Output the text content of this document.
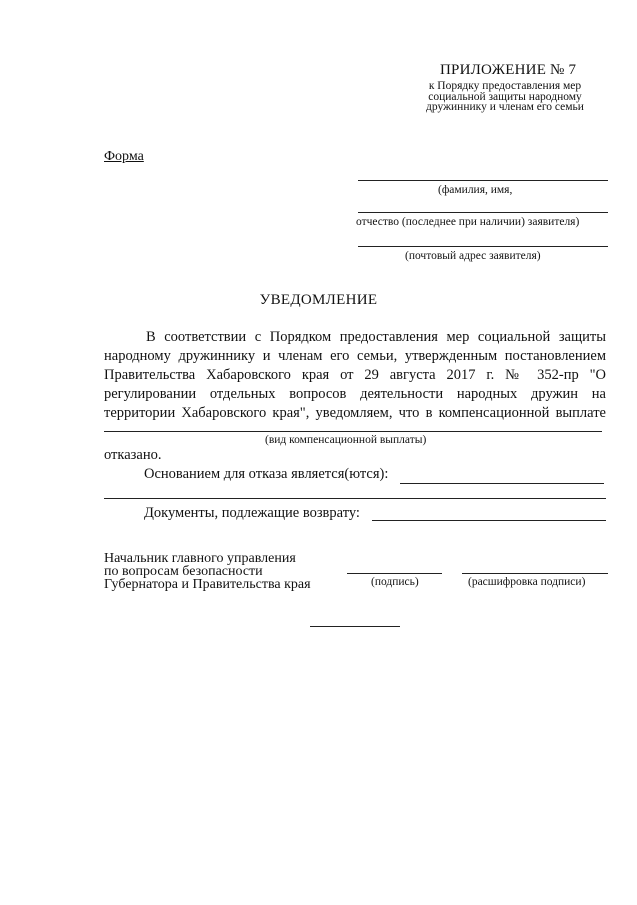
ПРИЛОЖЕНИЕ № 7
к Порядку предоставления мер
социальной защиты народному
дружиннику и членам его семьи
Форма
(фамилия, имя,
отчество (последнее при наличии) заявителя)
(почтовый адрес заявителя)
УВЕДОМЛЕНИЕ
В соответствии с Порядком предоставления мер социальной защиты народному дружиннику и членам его семьи, утвержденным постановлением Правительства Хабаровского края от 29 августа 2017 г. № 352-пр "О регулировании отдельных вопросов деятельности народных дружин на территории Хабаровского края", уведомляем, что в компенсационной выплате
(вид компенсационной выплаты)
отказано.
Основанием для отказа является(ются):
Документы, подлежащие возврату:
Начальник главного управления
по вопросам безопасности
Губернатора и Правительства края	(подпись)	(расшифровка подписи)
